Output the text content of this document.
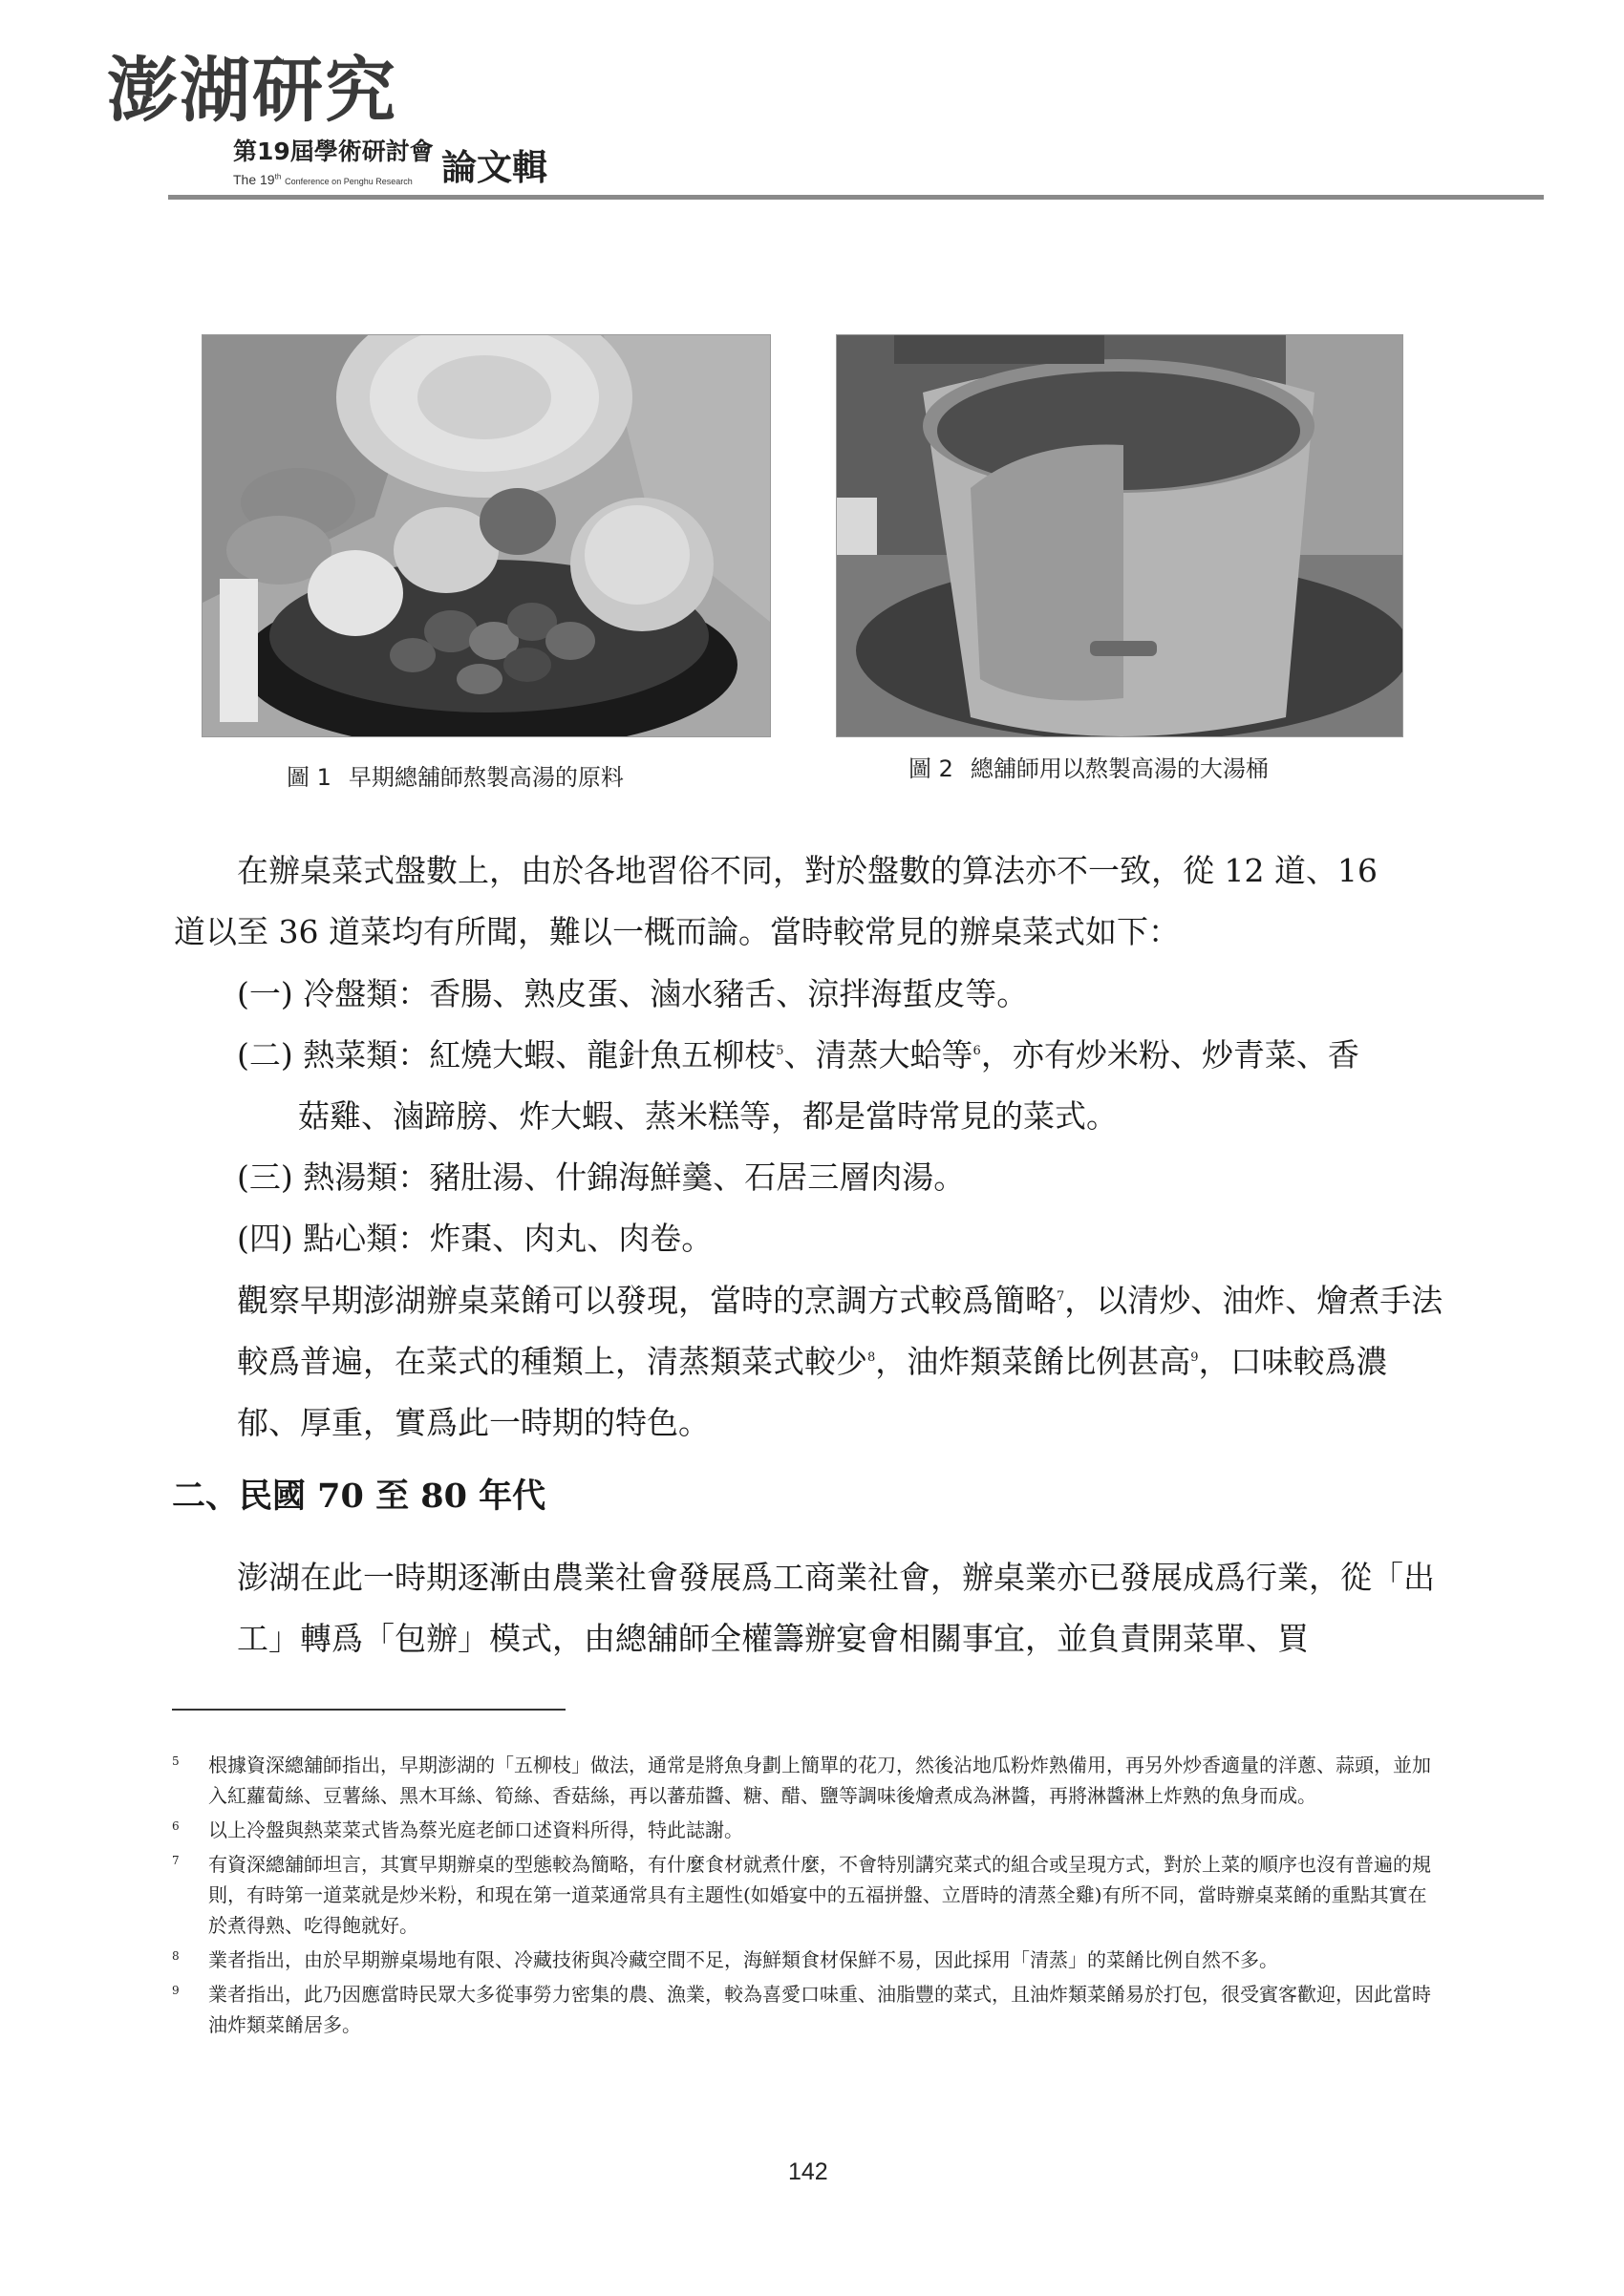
澎湖研究
第19屆學術研討會
The 19th Conference on Penghu Research 論文輯
圖 1 早期總舖師熬製高湯的原料	圖 2 總舖師用以熬製高湯的大湯桶
在辦桌菜式盤數上，由於各地習俗不同，對於盤數的算法亦不一致，從 12 道、16
道以至 36 道菜均有所聞，難以一概而論。當時較常見的辦桌菜式如下：
(一) 冷盤類：香腸、熟皮蛋、滷水豬舌、涼拌海蜇皮等。
(二) 熱菜類：紅燒大蝦、龍針魚五柳枝$^5$、清蒸大蛤等$^6$，亦有炒米粉、炒青菜、香
菇雞、滷蹄膀、炸大蝦、蒸米糕等，都是當時常見的菜式。
(三) 熱湯類：豬肚湯、什錦海鮮羹、石居三層肉湯。
(四) 點心類：炸棗、肉丸、肉卷。
觀察早期澎湖辦桌菜餚可以發現，當時的烹調方式較爲簡略$^7$，以清炒、油炸、燴煮手法較爲普遍，在菜式的種類上，清蒸類菜式較少$^8$，油炸類菜餚比例甚高$^9$，口味較爲濃郁、厚重，實爲此一時期的特色。
二、民國 70 至 80 年代
澎湖在此一時期逐漸由農業社會發展爲工商業社會，辦桌業亦已發展成爲行業，從「出工」轉爲「包辦」模式，由總舖師全權籌辦宴會相關事宜，並負責開菜單、買
5 根據資深總舖師指出，早期澎湖的「五柳枝」做法，通常是將魚身劃上簡單的花刀，然後沾地瓜粉炸熟備用，再另外炒香適量的洋蔥、蒜頭，並加入紅蘿蔔絲、豆薯絲、黑木耳絲、筍絲、香菇絲，再以蕃茄醬、糖、醋、鹽等調味後燴煮成為淋醬，再將淋醬淋上炸熟的魚身而成。
6 以上冷盤與熱菜菜式皆為蔡光庭老師口述資料所得，特此誌謝。
7 有資深總舖師坦言，其實早期辦桌的型態較為簡略，有什麼食材就煮什麼，不會特別講究菜式的組合或呈現方式，對於上菜的順序也沒有普遍的規則，有時第一道菜就是炒米粉，和現在第一道菜通常具有主題性(如婚宴中的五福拼盤、立厝時的清蒸全雞)有所不同，當時辦桌菜餚的重點其實在於煮得熟、吃得飽就好。
8 業者指出，由於早期辦桌場地有限、冷藏技術與冷藏空間不足，海鮮類食材保鮮不易，因此採用「清蒸」的菜餚比例自然不多。
9 業者指出，此乃因應當時民眾大多從事勞力密集的農、漁業，較為喜愛口味重、油脂豐的菜式，且油炸類菜餚易於打包，很受賓客歡迎，因此當時油炸類菜餚居多。
142
